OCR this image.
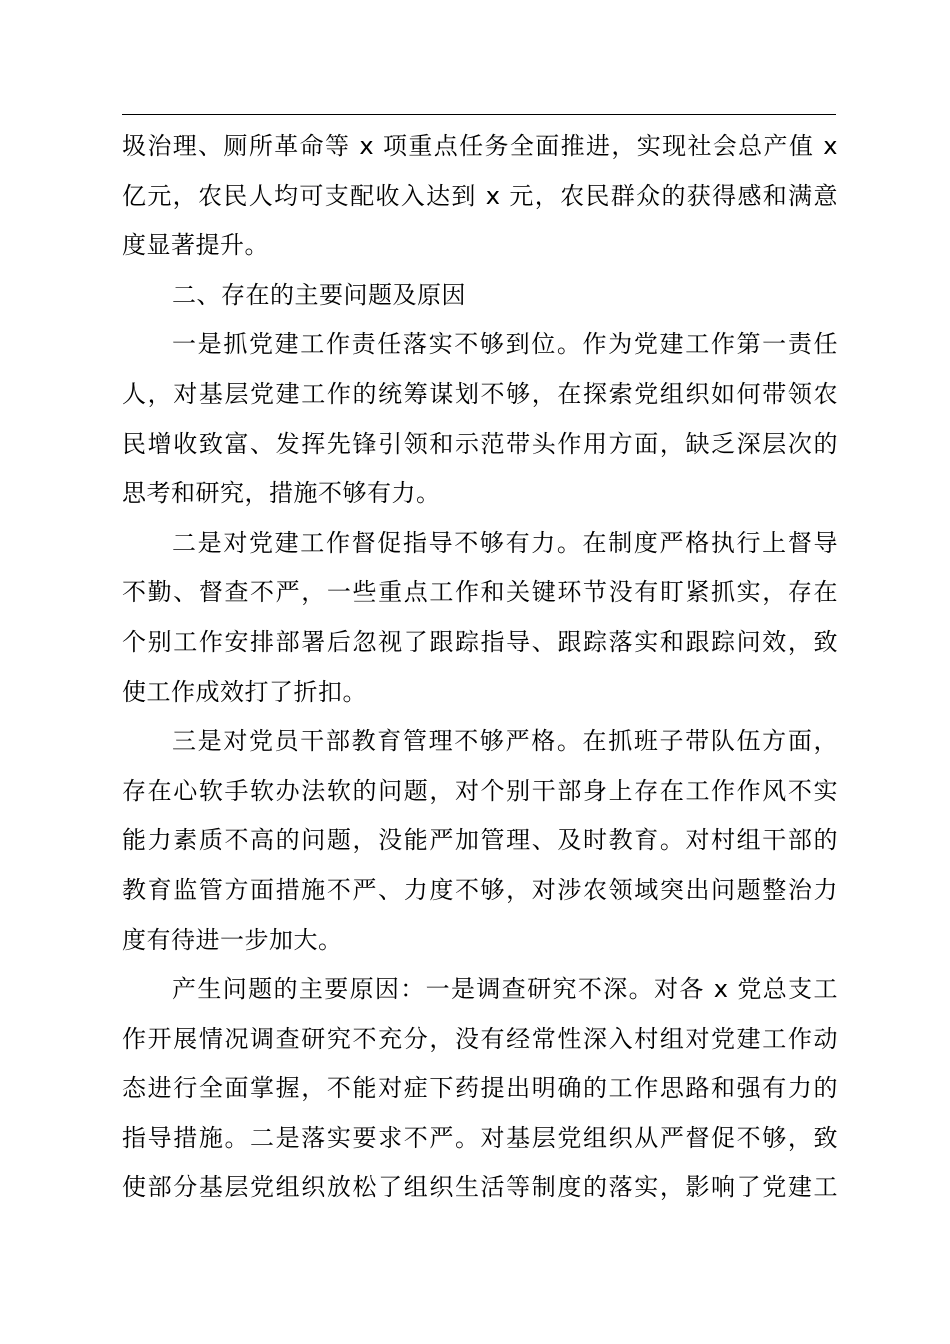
圾治理、厕所革命等 x 项重点任务全面推进，实现社会总产值 x
亿元，农民人均可支配收入达到 x 元，农民群众的获得感和满意
度显著提升。
二、存在的主要问题及原因
一是抓党建工作责任落实不够到位。作为党建工作第一责任
人，对基层党建工作的统筹谋划不够，在探索党组织如何带领农
民增收致富、发挥先锋引领和示范带头作用方面，缺乏深层次的
思考和研究，措施不够有力。
二是对党建工作督促指导不够有力。在制度严格执行上督导
不勤、督查不严，一些重点工作和关键环节没有盯紧抓实，存在
个别工作安排部署后忽视了跟踪指导、跟踪落实和跟踪问效，致
使工作成效打了折扣。
三是对党员干部教育管理不够严格。在抓班子带队伍方面，
存在心软手软办法软的问题，对个别干部身上存在工作作风不实
能力素质不高的问题，没能严加管理、及时教育。对村组干部的
教育监管方面措施不严、力度不够，对涉农领域突出问题整治力
度有待进一步加大。
产生问题的主要原因：一是调查研究不深。对各 x 党总支工
作开展情况调查研究不充分，没有经常性深入村组对党建工作动
态进行全面掌握，不能对症下药提出明确的工作思路和强有力的
指导措施。二是落实要求不严。对基层党组织从严督促不够，致
使部分基层党组织放松了组织生活等制度的落实，影响了党建工
